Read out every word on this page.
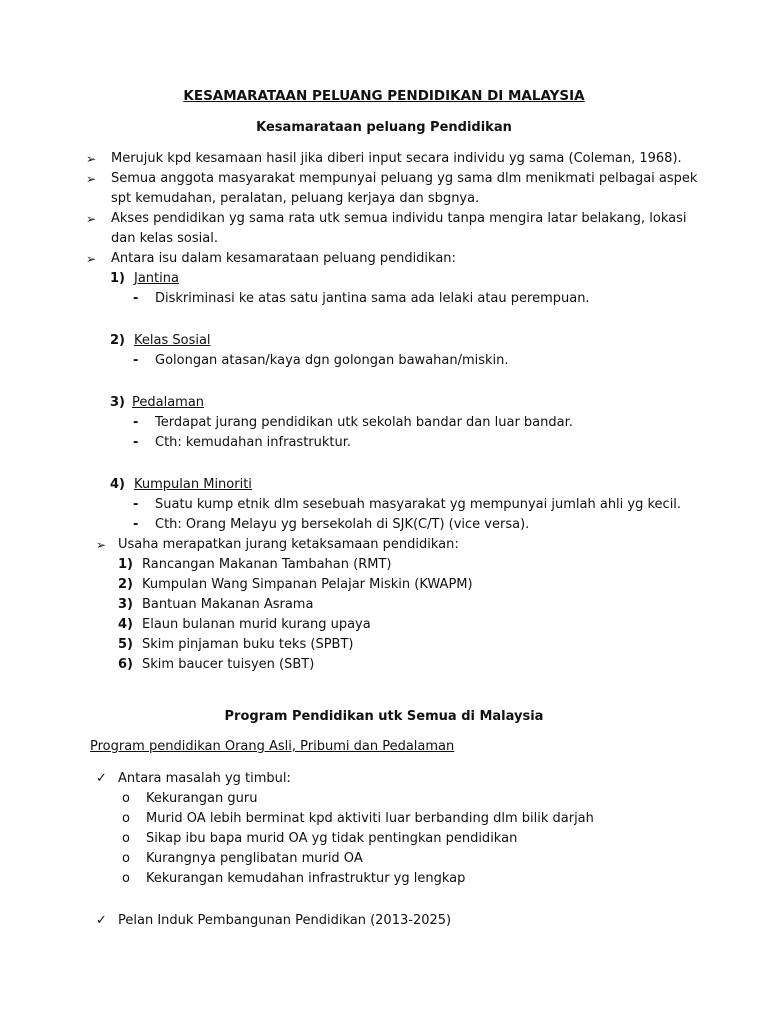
KESAMARATAAN PELUANG PENDIDIKAN DI MALAYSIA
Kesamarataan peluang Pendidikan
➢ Merujuk kpd kesamaan hasil jika diberi input secara individu yg sama (Coleman, 1968).
➢ Semua anggota masyarakat mempunyai peluang yg sama dlm menikmati pelbagai aspek
spt kemudahan, peralatan, peluang kerjaya dan sbgnya.
➢ Akses pendidikan yg sama rata utk semua individu tanpa mengira latar belakang, lokasi
dan kelas sosial.
➢ Antara isu dalam kesamarataan peluang pendidikan:
1) Jantina
- Diskriminasi ke atas satu jantina sama ada lelaki atau perempuan.
2) Kelas Sosial
- Golongan atasan/kaya dgn golongan bawahan/miskin.
3) Pedalaman
- Terdapat jurang pendidikan utk sekolah bandar dan luar bandar.
- Cth: kemudahan infrastruktur.
4) Kumpulan Minoriti
- Suatu kump etnik dlm sesebuah masyarakat yg mempunyai jumlah ahli yg kecil.
- Cth: Orang Melayu yg bersekolah di SJK(C/T) (vice versa).
➢ Usaha merapatkan jurang ketaksamaan pendidikan:
1) Rancangan Makanan Tambahan (RMT)
2) Kumpulan Wang Simpanan Pelajar Miskin (KWAPM)
3) Bantuan Makanan Asrama
4) Elaun bulanan murid kurang upaya
5) Skim pinjaman buku teks (SPBT)
6) Skim baucer tuisyen (SBT)
Program Pendidikan utk Semua di Malaysia
Program pendidikan Orang Asli, Pribumi dan Pedalaman
✓ Antara masalah yg timbul:
o Kekurangan guru
o Murid OA lebih berminat kpd aktiviti luar berbanding dlm bilik darjah
o Sikap ibu bapa murid OA yg tidak pentingkan pendidikan
o Kurangnya penglibatan murid OA
o Kekurangan kemudahan infrastruktur yg lengkap
✓ Pelan Induk Pembangunan Pendidikan (2013-2025)
